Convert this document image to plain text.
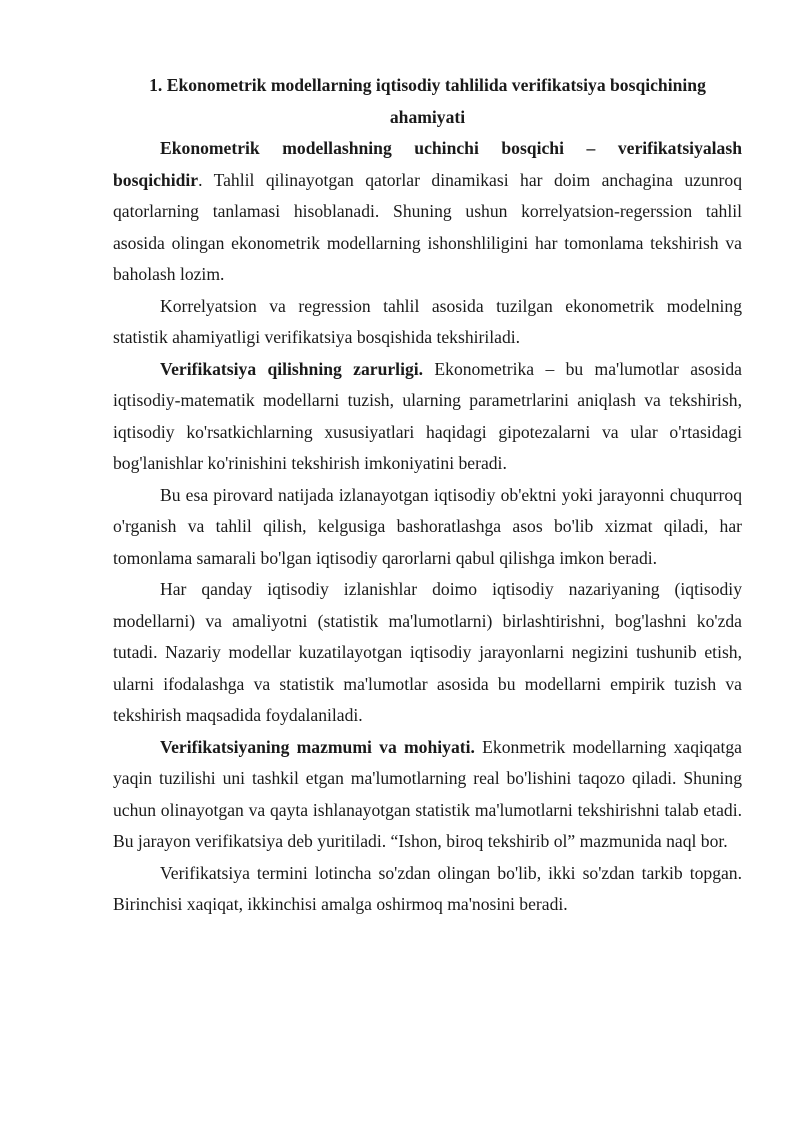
1. Ekonometrik modellarning iqtisodiy tahlilida verifikatsiya bosqichining ahamiyati

Ekonometrik modellashning uchinchi bosqichi – verifikatsiyalash bosqichidir. Tahlil qilinayotgan qatorlar dinamikasi har doim anchagina uzunroq qatorlarning tanlamasi hisoblanadi. Shuning ushun korrelyatsion-regerssion tahlil asosida olingan ekonometrik modellarning ishonshliligini har tomonlama tekshirish va baholash lozim.

Korrelyatsion va regression tahlil asosida tuzilgan ekonometrik modelning statistik ahamiyatligi verifikatsiya bosqishida tekshiriladi.

Verifikatsiya qilishning zarurligi. Ekonometrika – bu ma'lumotlar asosida iqtisodiy-matematik modellarni tuzish, ularning parametrlarini aniqlash va tekshirish, iqtisodiy ko'rsatkichlarning xususiyatlari haqidagi gipotezalarni va ular o'rtasidagi bog'lanishlar ko'rinishini tekshirish imkoniyatini beradi.

Bu esa pirovard natijada izlanayotgan iqtisodiy ob'ektni yoki jarayonni chuqurroq o'rganish va tahlil qilish, kelgusiga bashoratlashga asos bo'lib xizmat qiladi, har tomonlama samarali bo'lgan iqtisodiy qarorlarni qabul qilishga imkon beradi.

Har qanday iqtisodiy izlanishlar doimo iqtisodiy nazariyaning (iqtisodiy modellarni) va amaliyotni (statistik ma'lumotlarni) birlashtirishni, bog'lashni ko'zda tutadi. Nazariy modellar kuzatilayotgan iqtisodiy jarayonlarni negizini tushunib etish, ularni ifodalashga va statistik ma'lumotlar asosida bu modellarni empirik tuzish va tekshirish maqsadida foydalaniladi.

Verifikatsiyaning mazmumi va mohiyati. Ekonmetrik modellarning xaqiqatga yaqin tuzilishi uni tashkil etgan ma'lumotlarning real bo'lishini taqozo qiladi. Shuning uchun olinayotgan va qayta ishlanayotgan statistik ma'lumotlarni tekshirishni talab etadi. Bu jarayon verifikatsiya deb yuritiladi. “Ishon, biroq tekshirib ol” mazmunida naql bor.

Verifikatsiya termini lotincha so'zdan olingan bo'lib, ikki so'zdan tarkib topgan. Birinchisi xaqiqat, ikkinchisi amalga oshirmoq ma'nosini beradi.
